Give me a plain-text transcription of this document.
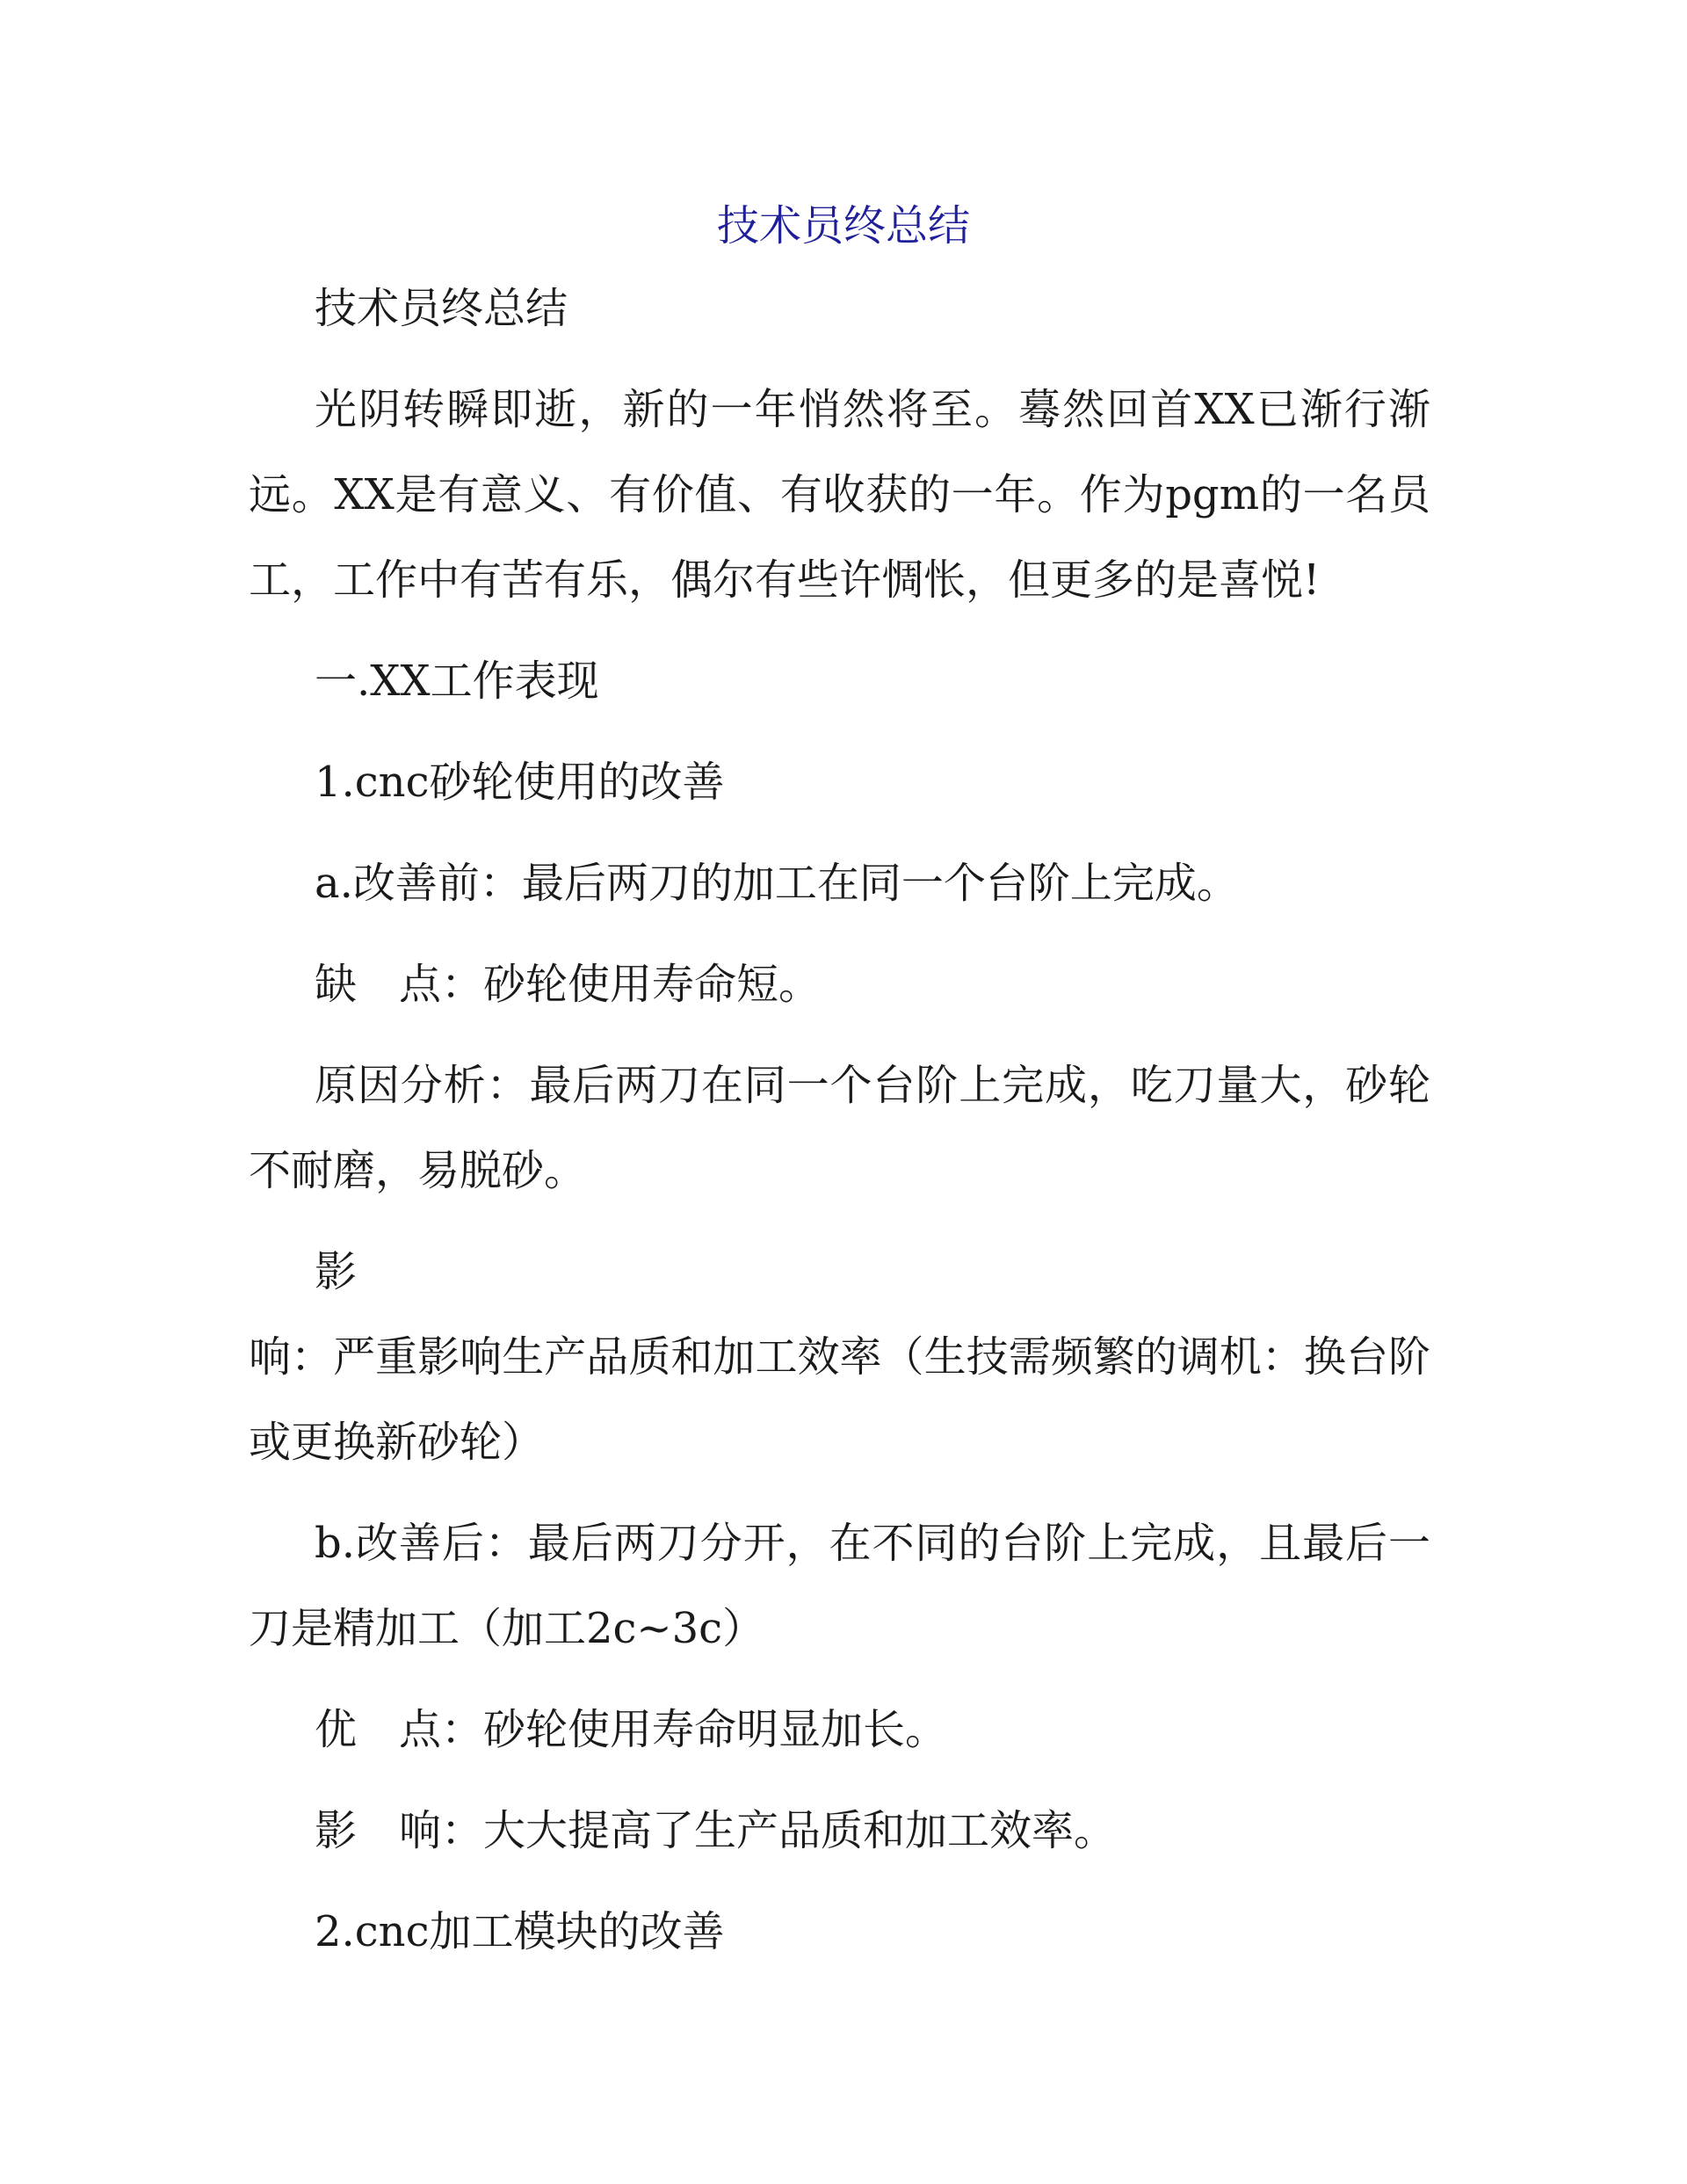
技术员终总结

技术员终总结

光阴转瞬即逝，新的一年悄然将至。蓦然回首XX已渐行渐远。XX是有意义、有价值、有收获的一年。作为pgm的一名员工，工作中有苦有乐，偶尔有些许惆怅，但更多的是喜悦!

一.XX工作表现

1.cnc砂轮使用的改善

a.改善前：最后两刀的加工在同一个台阶上完成。

缺　点：砂轮使用寿命短。

原因分析：最后两刀在同一个台阶上完成，吃刀量大，砂轮不耐磨，易脱砂。

影

响：严重影响生产品质和加工效率（生技需频繁的调机：换台阶或更换新砂轮）

b.改善后：最后两刀分开，在不同的台阶上完成，且最后一刀是精加工（加工2c~3c）

优　点：砂轮使用寿命明显加长。

影　响：大大提高了生产品质和加工效率。

2.cnc加工模块的改善
